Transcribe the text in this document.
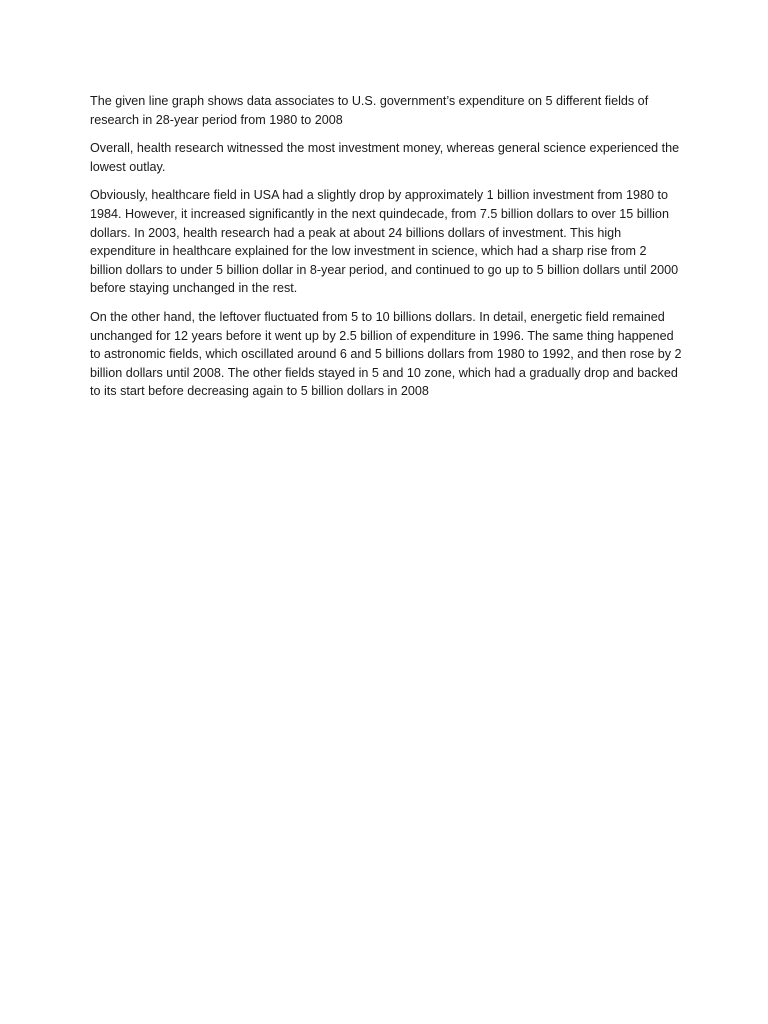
The given line graph shows data associates to U.S. government’s expenditure on 5 different fields of research in 28-year period from 1980 to 2008

Overall, health research witnessed the most investment money, whereas general science experienced the lowest outlay.

Obviously, healthcare field in USA had a slightly drop by approximately 1 billion investment from 1980 to 1984. However, it increased significantly in the next quindecade, from 7.5 billion dollars to over 15 billion dollars. In 2003, health research had a peak at about 24 billions dollars of investment. This high expenditure in healthcare explained for the low investment in science, which had a sharp rise from 2 billion dollars to under 5 billion dollar in 8-year period, and continued to go up to 5 billion dollars until 2000 before staying unchanged in the rest.

On the other hand, the leftover fluctuated from 5 to 10 billions dollars. In detail, energetic field remained unchanged for 12 years before it went up by 2.5 billion of expenditure in 1996. The same thing happened to astronomic fields, which oscillated around 6 and 5 billions dollars from 1980 to 1992, and then rose by 2 billion dollars until 2008. The other fields stayed in 5 and 10 zone, which had a gradually drop and backed to its start before decreasing again to 5 billion dollars in 2008
